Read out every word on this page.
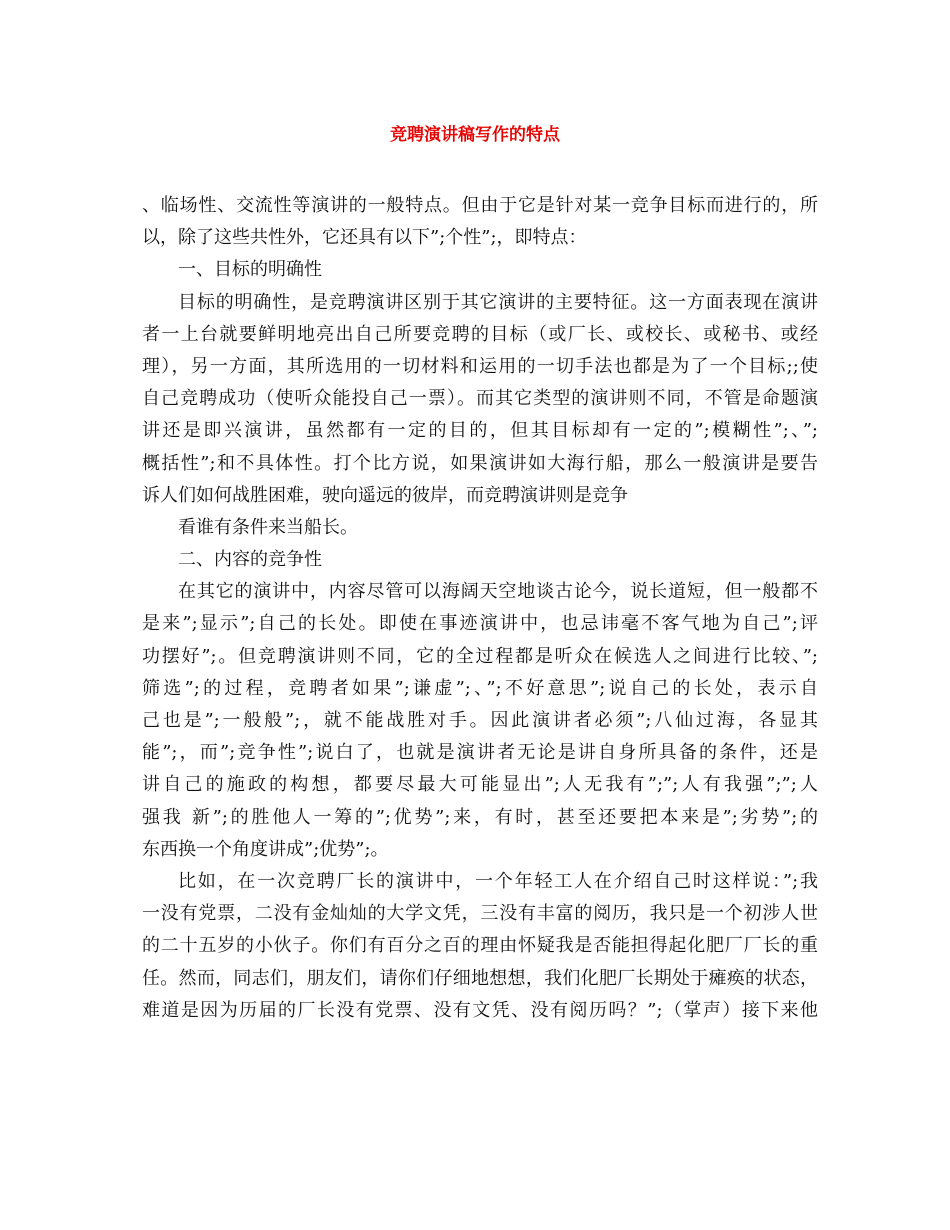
竞聘演讲稿写作的特点
、临场性、交流性等演讲的一般特点。但由于它是针对某一竞争目标而进行的，所
以，除了这些共性外，它还具有以下”;个性”;，即特点：
一、目标的明确性
目标的明确性，是竞聘演讲区别于其它演讲的主要特征。这一方面表现在演讲
者一上台就要鲜明地亮出自己所要竞聘的目标（或厂长、或校长、或秘书、或经
理），另一方面，其所选用的一切材料和运用的一切手法也都是为了一个目标;;使
自己竞聘成功（使听众能投自己一票）。而其它类型的演讲则不同，不管是命题演
讲还是即兴演讲，虽然都有一定的目的，但其目标却有一定的”;模糊性”;、”;
概括性”;和不具体性。打个比方说，如果演讲如大海行船，那么一般演讲是要告
诉人们如何战胜困难，驶向遥远的彼岸，而竞聘演讲则是竞争
看谁有条件来当船长。
二、内容的竞争性
在其它的演讲中，内容尽管可以海阔天空地谈古论今，说长道短，但一般都不
是来”;显示”;自己的长处。即使在事迹演讲中，也忌讳毫不客气地为自己”;评
功摆好”;。但竞聘演讲则不同，它的全过程都是听众在候选人之间进行比较、”;
筛选”;的过程，竞聘者如果”;谦虚”;、”;不好意思”;说自己的长处，表示自
己也是”;一般般”;，就不能战胜对手。因此演讲者必须”;八仙过海，各显其
能”;，而”;竞争性”;说白了，也就是演讲者无论是讲自身所具备的条件，还是
讲自己的施政的构想，都要尽最大可能显出”;人无我有”;”;人有我强”;”;人
强我 新”;的胜他人一筹的”;优势”;来，有时，甚至还要把本来是”;劣势”;的
东西换一个角度讲成”;优势”;。
比如，在一次竞聘厂长的演讲中，一个年轻工人在介绍自己时这样说：”;我
一没有党票，二没有金灿灿的大学文凭，三没有丰富的阅历，我只是一个初涉人世
的二十五岁的小伙子。你们有百分之百的理由怀疑我是否能担得起化肥厂厂长的重
任。然而，同志们，朋友们，请你们仔细地想想，我们化肥厂长期处于瘫痪的状态，
难道是因为历届的厂长没有党票、没有文凭、没有阅历吗？”;（掌声）接下来他
